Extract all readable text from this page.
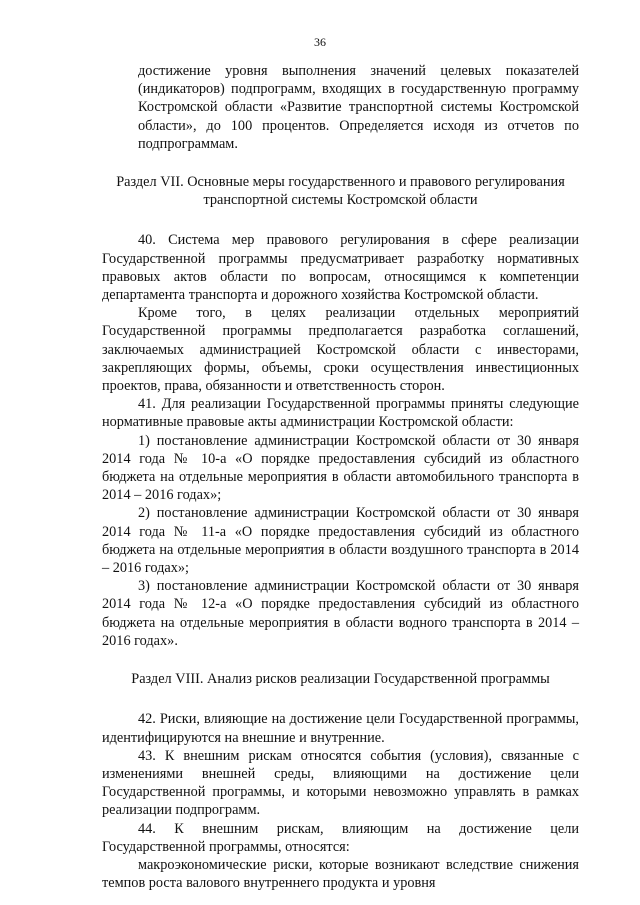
36

достижение уровня выполнения значений целевых показателей (индикаторов) подпрограмм, входящих в государственную программу Костромской области «Развитие транспортной системы Костромской области», до 100 процентов. Определяется исходя из отчетов по подпрограммам.

Раздел VII. Основные меры государственного и правового регулирования
транспортной системы Костромской области

40. Система мер правового регулирования в сфере реализации Государственной программы предусматривает разработку нормативных правовых актов области по вопросам, относящимся к компетенции департамента транспорта и дорожного хозяйства Костромской области.

Кроме того, в целях реализации отдельных мероприятий Государственной программы предполагается разработка соглашений, заключаемых администрацией Костромской области с инвесторами, закрепляющих формы, объемы, сроки осуществления инвестиционных проектов, права, обязанности и ответственность сторон.

41. Для реализации Государственной программы приняты следующие нормативные правовые акты администрации Костромской области:

1) постановление администрации Костромской области от 30 января 2014 года № 10-а «О порядке предоставления субсидий из областного бюджета на отдельные мероприятия в области автомобильного транспорта в 2014 – 2016 годах»;

2) постановление администрации Костромской области от 30 января 2014 года № 11-а «О порядке предоставления субсидий из областного бюджета на отдельные мероприятия в области воздушного транспорта в 2014 – 2016 годах»;

3) постановление администрации Костромской области от 30 января 2014 года № 12-а «О порядке предоставления субсидий из областного бюджета на отдельные мероприятия в области водного транспорта в 2014 – 2016 годах».

Раздел VIII. Анализ рисков реализации Государственной программы

42. Риски, влияющие на достижение цели Государственной программы, идентифицируются на внешние и внутренние.

43. К внешним рискам относятся события (условия), связанные с изменениями внешней среды, влияющими на достижение цели Государственной программы, и которыми невозможно управлять в рамках реализации подпрограмм.

44. К внешним рискам, влияющим на достижение цели Государственной программы, относятся:

макроэкономические риски, которые возникают вследствие снижения темпов роста валового внутреннего продукта и уровня
